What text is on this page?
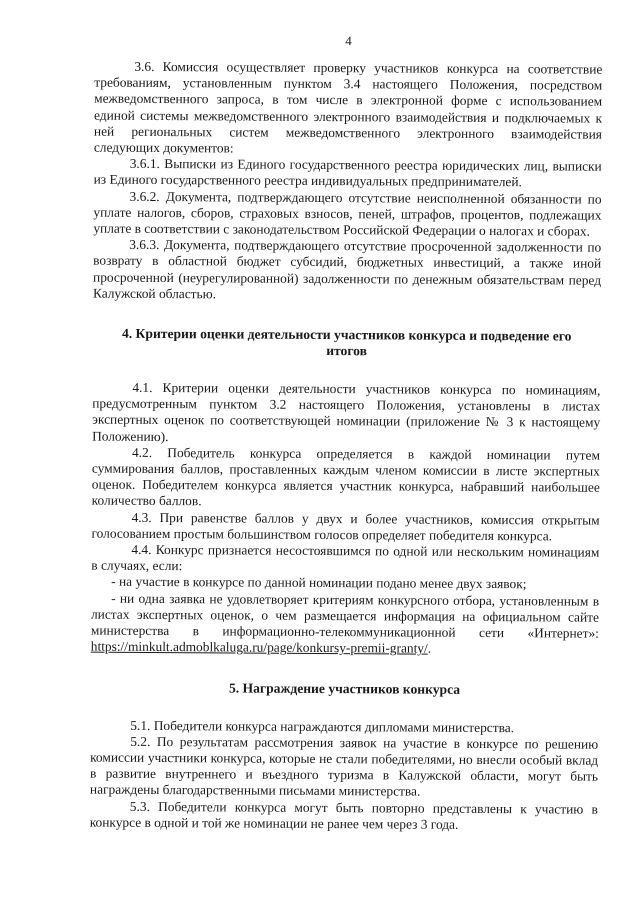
4

3.6. Комиссия осуществляет проверку участников конкурса на соответствие требованиям, установленным пунктом 3.4 настоящего Положения, посредством межведомственного запроса, в том числе в электронной форме с использованием единой системы межведомственного электронного взаимодействия и подключаемых к ней региональных систем межведомственного электронного взаимодействия следующих документов:

3.6.1. Выписки из Единого государственного реестра юридических лиц, выписки из Единого государственного реестра индивидуальных предпринимателей.

3.6.2. Документа, подтверждающего отсутствие неисполненной обязанности по уплате налогов, сборов, страховых взносов, пеней, штрафов, процентов, подлежащих уплате в соответствии с законодательством Российской Федерации о налогах и сборах.

3.6.3. Документа, подтверждающего отсутствие просроченной задолженности по возврату в областной бюджет субсидий, бюджетных инвестиций, а также иной просроченной (неурегулированной) задолженности по денежным обязательствам перед Калужской областью.

4. Критерии оценки деятельности участников конкурса и подведение его итогов

4.1. Критерии оценки деятельности участников конкурса по номинациям, предусмотренным пунктом 3.2 настоящего Положения, установлены в листах экспертных оценок по соответствующей номинации (приложение № 3 к настоящему Положению).

4.2. Победитель конкурса определяется в каждой номинации путем суммирования баллов, проставленных каждым членом комиссии в листе экспертных оценок. Победителем конкурса является участник конкурса, набравший наибольшее количество баллов.

4.3. При равенстве баллов у двух и более участников, комиссия открытым голосованием простым большинством голосов определяет победителя конкурса.

4.4. Конкурс признается несостоявшимся по одной или нескольким номинациям в случаях, если:

- на участие в конкурсе по данной номинации подано менее двух заявок;

- ни одна заявка не удовлетворяет критериям конкурсного отбора, установленным в листах экспертных оценок, о чем размещается информация на официальном сайте министерства в информационно-телекоммуникационной сети «Интернет»: https://minkult.admoblkaluga.ru/page/konkursy-premii-granty/.

5. Награждение участников конкурса

5.1. Победители конкурса награждаются дипломами министерства.

5.2. По результатам рассмотрения заявок на участие в конкурсе по решению комиссии участники конкурса, которые не стали победителями, но внесли особый вклад в развитие внутреннего и въездного туризма в Калужской области, могут быть награждены благодарственными письмами министерства.

5.3. Победители конкурса могут быть повторно представлены к участию в конкурсе в одной и той же номинации не ранее чем через 3 года.
